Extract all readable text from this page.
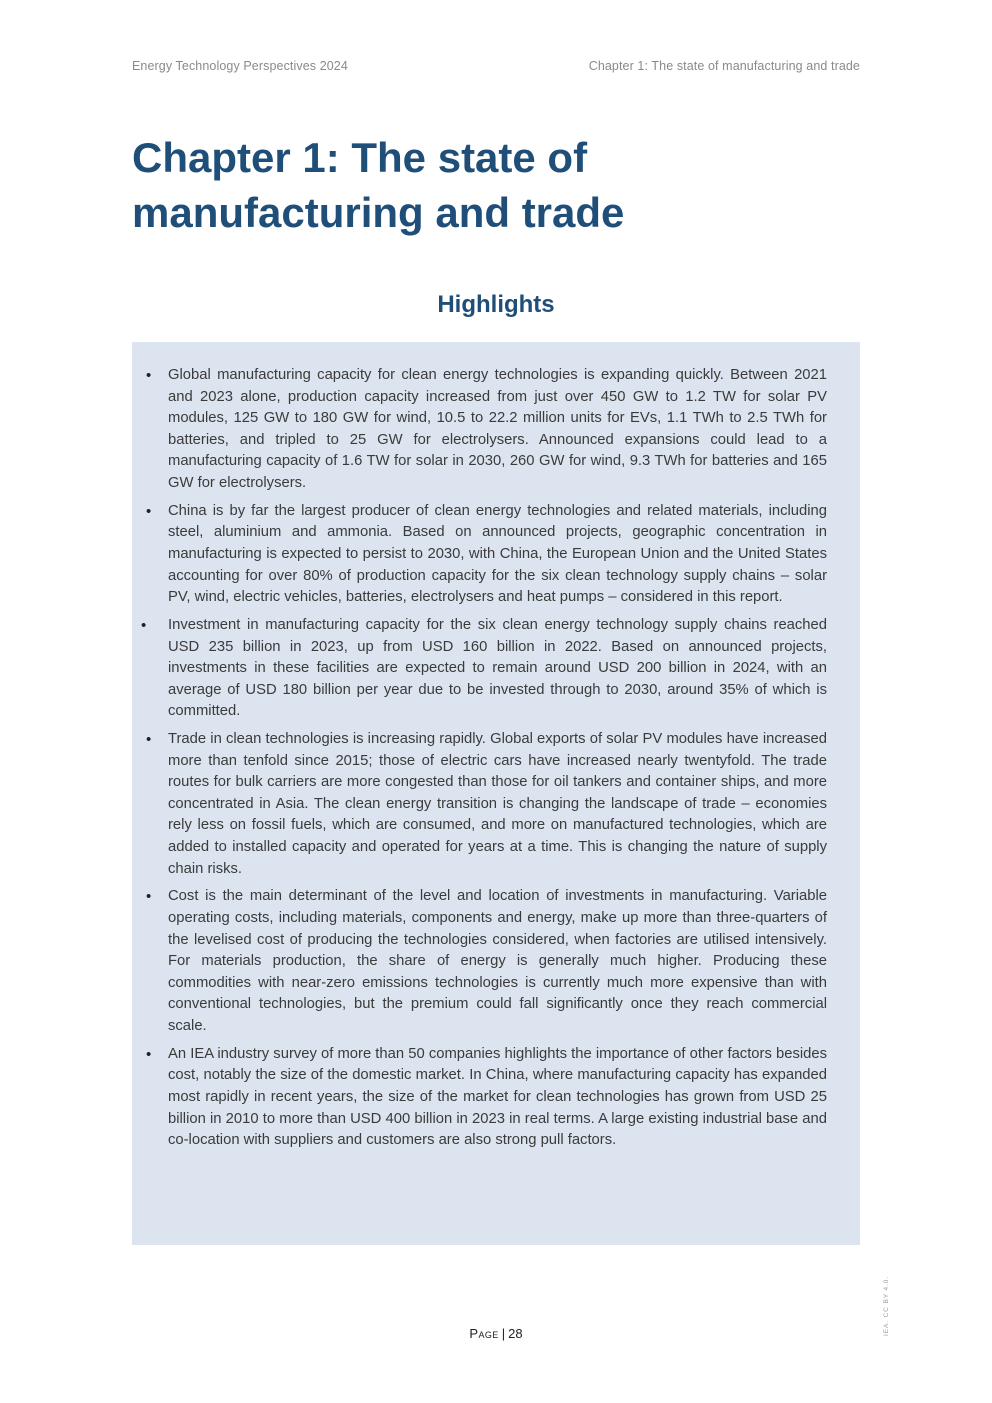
Energy Technology Perspectives 2024	Chapter 1: The state of manufacturing and trade
Chapter 1: The state of
manufacturing and trade
Highlights
• Global manufacturing capacity for clean energy technologies is expanding quickly. Between 2021 and 2023 alone, production capacity increased from just over 450 GW to 1.2 TW for solar PV modules, 125 GW to 180 GW for wind, 10.5 to 22.2 million units for EVs, 1.1 TWh to 2.5 TWh for batteries, and tripled to 25 GW for electrolysers. Announced expansions could lead to a manufacturing capacity of 1.6 TW for solar in 2030, 260 GW for wind, 9.3 TWh for batteries and 165 GW for electrolysers.
• China is by far the largest producer of clean energy technologies and related materials, including steel, aluminium and ammonia. Based on announced projects, geographic concentration in manufacturing is expected to persist to 2030, with China, the European Union and the United States accounting for over 80% of production capacity for the six clean technology supply chains – solar PV, wind, electric vehicles, batteries, electrolysers and heat pumps – considered in this report.
• Investment in manufacturing capacity for the six clean energy technology supply chains reached USD 235 billion in 2023, up from USD 160 billion in 2022. Based on announced projects, investments in these facilities are expected to remain around USD 200 billion in 2024, with an average of USD 180 billion per year due to be invested through to 2030, around 35% of which is committed.
• Trade in clean technologies is increasing rapidly. Global exports of solar PV modules have increased more than tenfold since 2015; those of electric cars have increased nearly twentyfold. The trade routes for bulk carriers are more congested than those for oil tankers and container ships, and more concentrated in Asia. The clean energy transition is changing the landscape of trade – economies rely less on fossil fuels, which are consumed, and more on manufactured technologies, which are added to installed capacity and operated for years at a time. This is changing the nature of supply chain risks.
• Cost is the main determinant of the level and location of investments in manufacturing. Variable operating costs, including materials, components and energy, make up more than three-quarters of the levelised cost of producing the technologies considered, when factories are utilised intensively. For materials production, the share of energy is generally much higher. Producing these commodities with near-zero emissions technologies is currently much more expensive than with conventional technologies, but the premium could fall significantly once they reach commercial scale.
• An IEA industry survey of more than 50 companies highlights the importance of other factors besides cost, notably the size of the domestic market. In China, where manufacturing capacity has expanded most rapidly in recent years, the size of the market for clean technologies has grown from USD 25 billion in 2010 to more than USD 400 billion in 2023 in real terms. A large existing industrial base and co-location with suppliers and customers are also strong pull factors.
Page | 28	IEA. CC BY 4.0.
